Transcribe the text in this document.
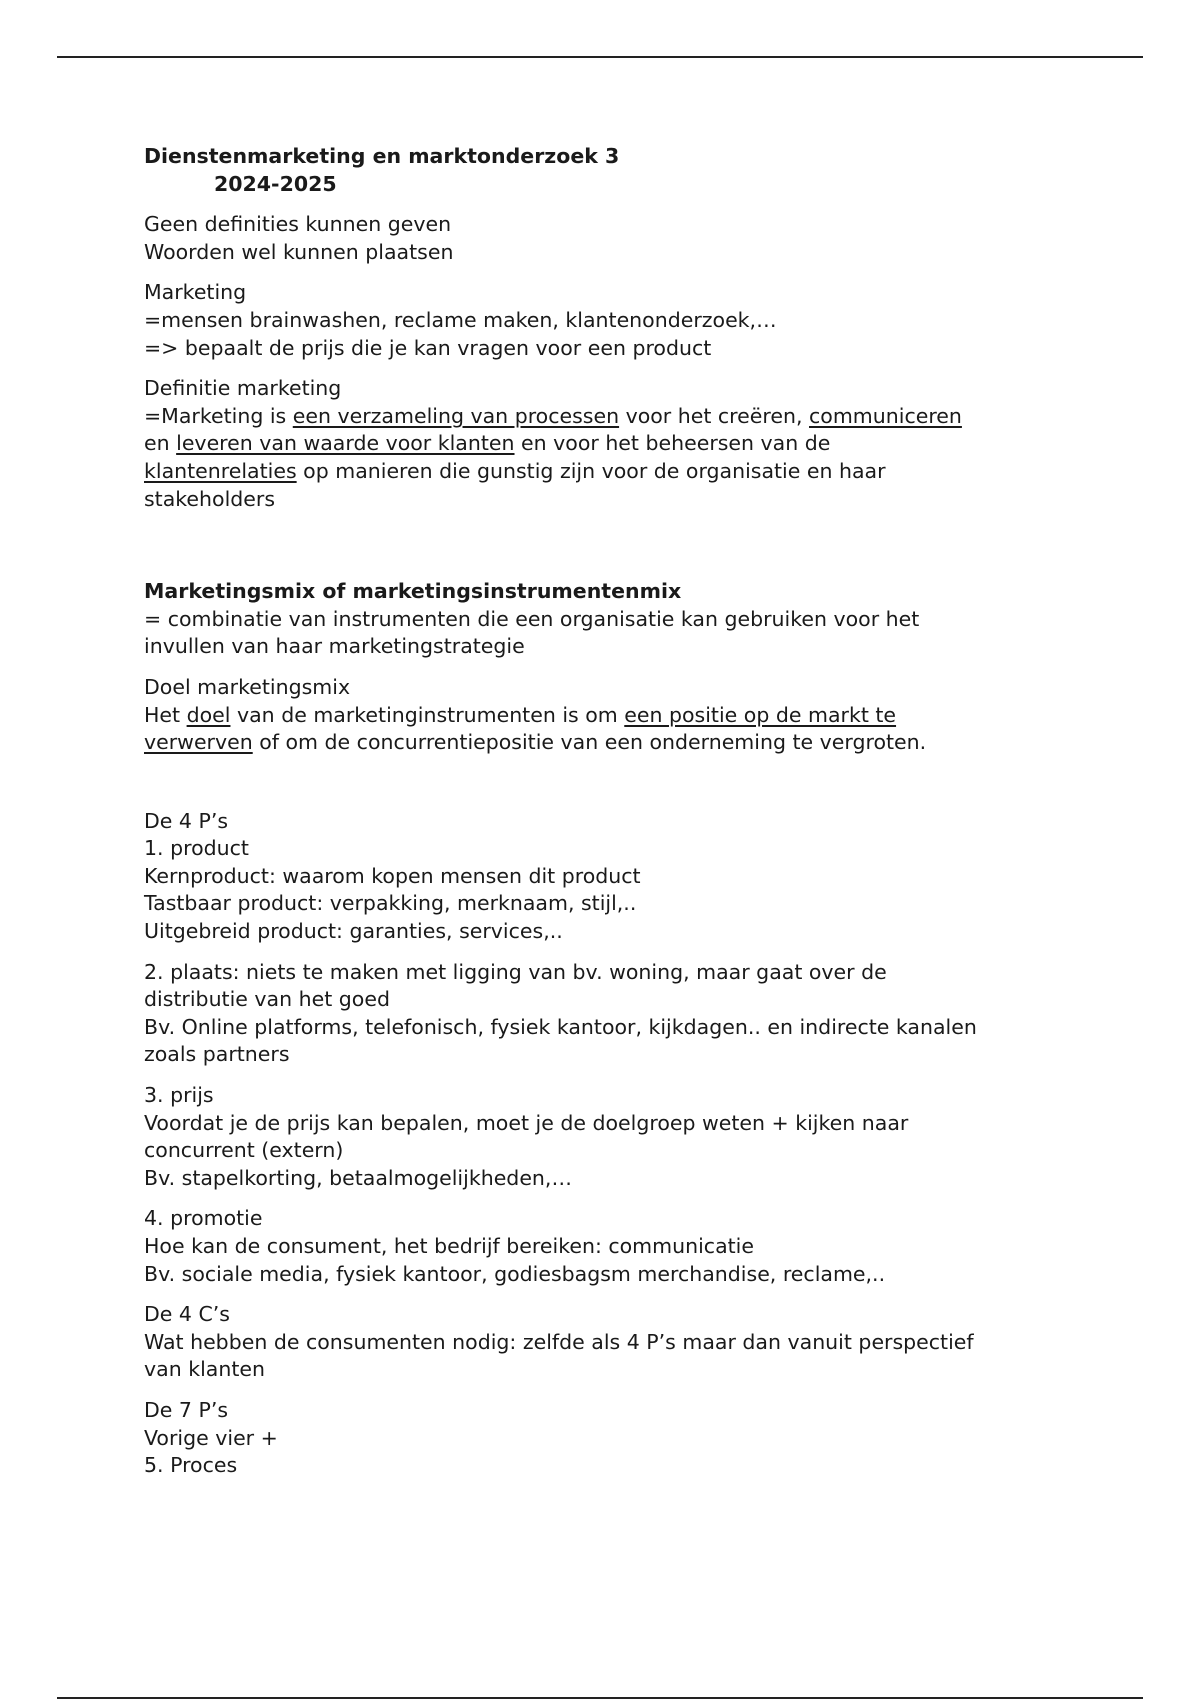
Dienstenmarketing en marktonderzoek 3
2024-2025
Geen definities kunnen geven
Woorden wel kunnen plaatsen
Marketing
=mensen brainwashen, reclame maken, klantenonderzoek,…
=> bepaalt de prijs die je kan vragen voor een product
Definitie marketing
=Marketing is een verzameling van processen voor het creëren, communiceren
en leveren van waarde voor klanten en voor het beheersen van de
klantenrelaties op manieren die gunstig zijn voor de organisatie en haar
stakeholders
Marketingsmix of marketingsinstrumentenmix
= combinatie van instrumenten die een organisatie kan gebruiken voor het
invullen van haar marketingstrategie
Doel marketingsmix
Het doel van de marketinginstrumenten is om een positie op de markt te
verwerven of om de concurrentiepositie van een onderneming te vergroten.
De 4 P’s
1. product
Kernproduct: waarom kopen mensen dit product
Tastbaar product: verpakking, merknaam, stijl,..
Uitgebreid product: garanties, services,..
2. plaats: niets te maken met ligging van bv. woning, maar gaat over de
distributie van het goed
Bv. Online platforms, telefonisch, fysiek kantoor, kijkdagen.. en indirecte kanalen
zoals partners
3. prijs
Voordat je de prijs kan bepalen, moet je de doelgroep weten + kijken naar
concurrent (extern)
Bv. stapelkorting, betaalmogelijkheden,…
4. promotie
Hoe kan de consument, het bedrijf bereiken: communicatie
Bv. sociale media, fysiek kantoor, godiesbagsm merchandise, reclame,..
De 4 C’s
Wat hebben de consumenten nodig: zelfde als 4 P’s maar dan vanuit perspectief
van klanten
De 7 P’s
Vorige vier +
5. Proces
